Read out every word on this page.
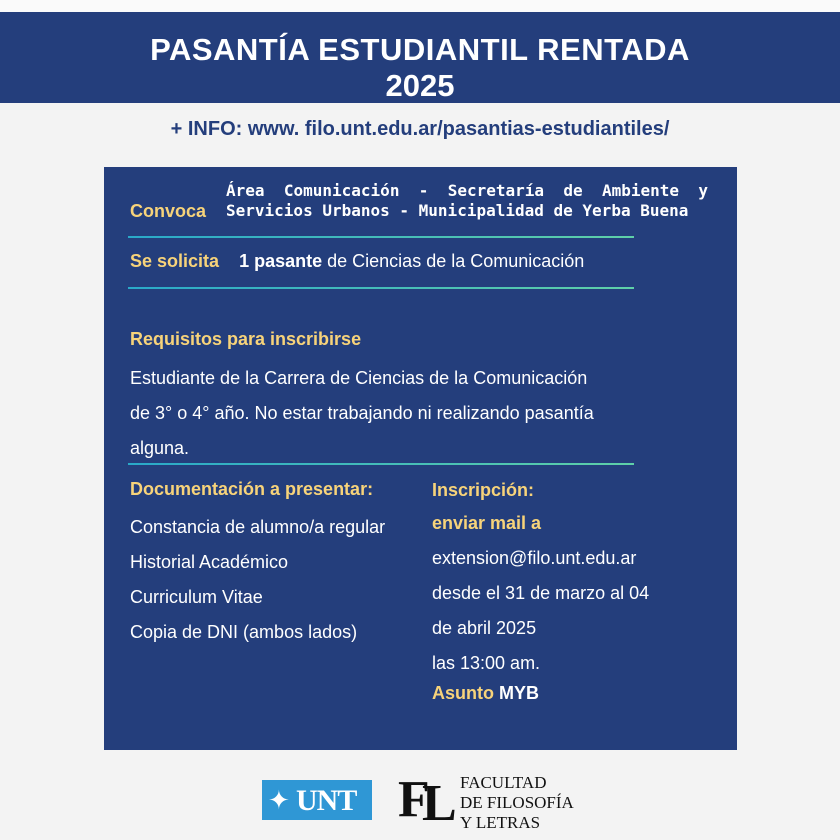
PASANTÍA ESTUDIANTIL RENTADA
2025
+ INFO: www. filo.unt.edu.ar/pasantias-estudiantiles/
Convoca
Área Comunicación - Secretaría de Ambiente y Servicios Urbanos - Municipalidad de Yerba Buena
Se solicita 1 pasante de Ciencias de la Comunicación
Requisitos para inscribirse
Estudiante de la Carrera de Ciencias de la Comunicación
de 3° o 4° año. No estar trabajando ni realizando pasantía
alguna.
Documentación a presentar:
Constancia de alumno/a regular
Historial Académico
Curriculum Vitae
Copia de DNI (ambos lados)
Inscripción:
enviar mail a
extension@filo.unt.edu.ar
desde el 31 de marzo al 04
de abril 2025
las 13:00 am.
Asunto MYB
✦ UNT F
L FACULTAD
DE FILOSOFÍA
Y LETRAS
